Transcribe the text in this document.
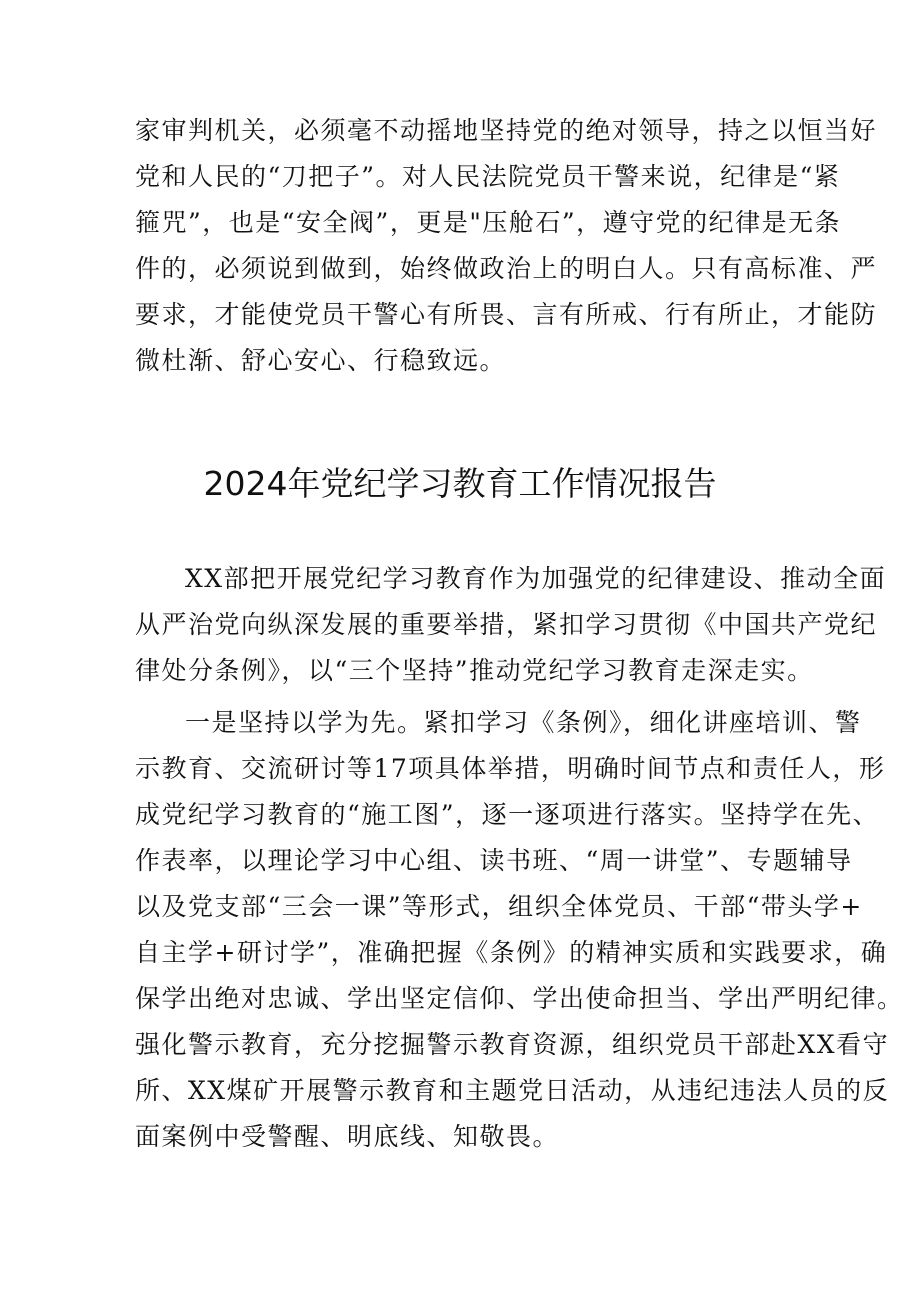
家审判机关，必须毫不动摇地坚持党的绝对领导，持之以恒当好
党和人民的“刀把子”。对人民法院党员干警来说，纪律是“紧
箍咒”，也是“安全阀”，更是"压舱石”，遵守党的纪律是无条
件的，必须说到做到，始终做政治上的明白人。只有高标准、严
要求，才能使党员干警心有所畏、言有所戒、行有所止，才能防
微杜渐、舒心安心、行稳致远。
2024年党纪学习教育工作情况报告
XX部把开展党纪学习教育作为加强党的纪律建设、推动全面
从严治党向纵深发展的重要举措，紧扣学习贯彻《中国共产党纪
律处分条例》，以“三个坚持”推动党纪学习教育走深走实。
一是坚持以学为先。紧扣学习《条例》，细化讲座培训、警
示教育、交流研讨等17项具体举措，明确时间节点和责任人，形
成党纪学习教育的“施工图”，逐一逐项进行落实。坚持学在先、
作表率，以理论学习中心组、读书班、“周一讲堂”、专题辅导
以及党支部“三会一课”等形式，组织全体党员、干部“带头学+
自主学+研讨学”，准确把握《条例》的精神实质和实践要求，确
保学出绝对忠诚、学出坚定信仰、学出使命担当、学出严明纪律。
强化警示教育，充分挖掘警示教育资源，组织党员干部赴XX看守
所、XX煤矿开展警示教育和主题党日活动，从违纪违法人员的反
面案例中受警醒、明底线、知敬畏。
